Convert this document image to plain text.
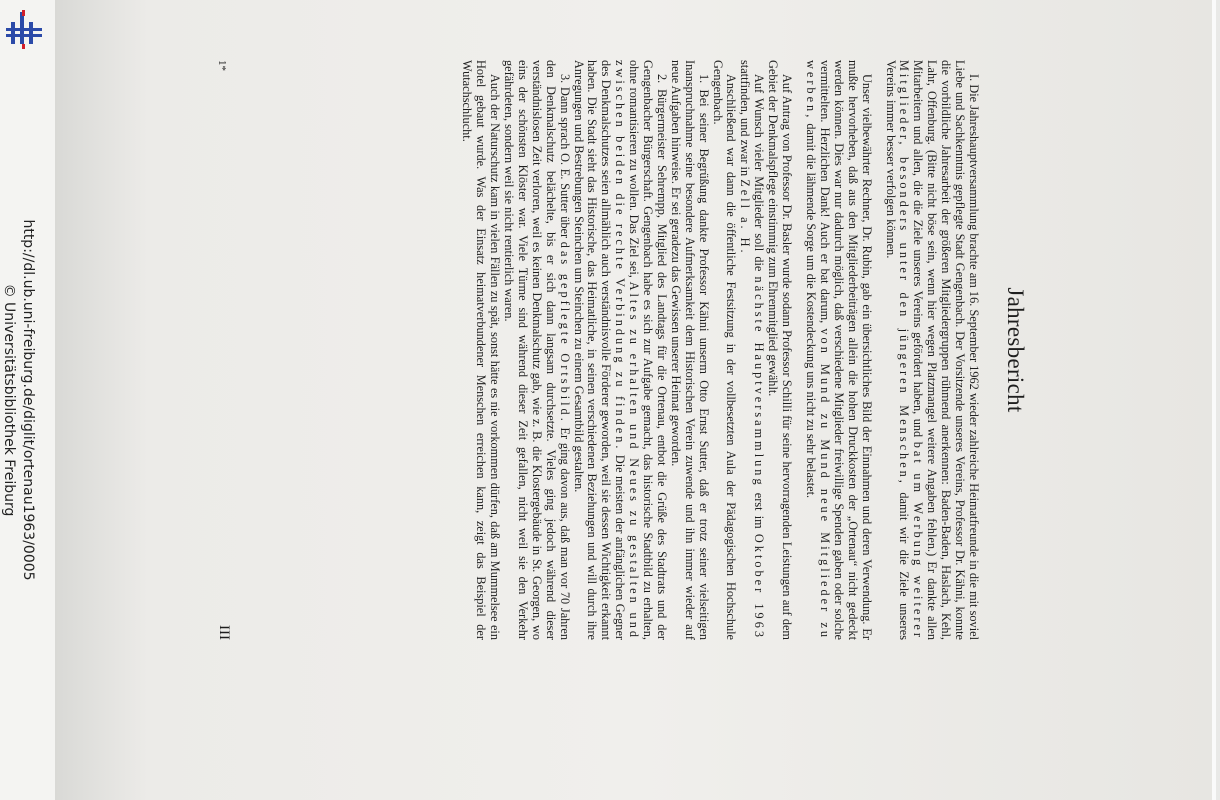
http://dl.ub.uni-freiburg.de/diglit/ortenau1963/0005
© Universitätsbibliothek Freiburg	Jahresbericht

I. Die Jahreshauptversammlung brachte am 16. September 1962 wieder zahlreiche Heimatfreunde in die mit soviel Liebe und Sachkenntnis gepflegte Stadt Gengenbach. Der Vorsitzende unseres Vereins, Professor Dr. Kähni, konnte die vorbildliche Jahresarbeit der größeren Mitgliedergruppen rühmend anerkennen: Baden-Baden, Haslach, Kehl, Lahr, Offenburg. (Bitte nicht böse sein, wenn hier wegen Platzmangel weitere Angaben fehlen.) Er dankte allen Mitarbeitern und allen, die die Ziele unseres Vereins gefördert haben, und bat um Werbung weiterer Mitglieder, besonders unter den jüngeren Menschen, damit wir die Ziele unseres Vereins immer besser verfolgen können.

Unser vielbewährter Rechner, Dr. Rubin, gab ein übersichtliches Bild der Einnahmen und deren Verwendung. Er mußte hervorheben, daß aus den Mitgliederbeiträgen allein die hohen Druckkosten der „Ortenau“ nicht gedeckt werden können. Dies war nur dadurch möglich, daß verschiedene Mitglieder freiwillige Spenden gaben oder solche vermittelten. Herzlichen Dank! Auch er bat darum, von Mund zu Mund neue Mitglieder zu werben, damit die lähmende Sorge um die Kostendeckung uns nicht zu sehr belastet.

Auf Antrag von Professor Dr. Basler wurde sodann Professor Schilli für seine hervorragenden Leistungen auf dem Gebiet der Denkmalspflege einstimmig zum Ehrenmitglied gewählt.

Auf Wunsch vieler Mitglieder soll die nächste Hauptversammlung erst im Oktober 1963 stattfinden, und zwar in Zell a. H.

Anschließend war dann die öffentliche Festsitzung in der vollbesetzten Aula der Pädagogischen Hochschule Gengenbach.

1. Bei seiner Begrüßung dankte Professor Kähni unserm Otto Ernst Sutter, daß er trotz seiner vielseitigen Inanspruchnahme seine besondere Aufmerksamkeit dem Historischen Verein zuwende und ihn immer wieder auf neue Aufgaben hinweise. Er sei geradezu das Gewissen unserer Heimat geworden.

2. Bürgermeister Sehrempp, Mitglied des Landtags für die Ortenau, entbot die Grüße des Stadtrats und der Gengenbacher Bürgerschaft. Gengenbach habe es sich zur Aufgabe gemacht, das historische Stadtbild zu erhalten, ohne romantisieren zu wollen. Das Ziel sei, Altes zu erhalten und Neues zu gestalten und zwischen beiden die rechte Verbindung zu finden. Die meisten der anfänglichen Gegner des Denkmalschutzes seien allmählich auch verständnisvolle Förderer geworden, weil sie dessen Wichtigkeit erkannt haben. Die Stadt sieht das Historische, das Heimatliche, in seinen verschiedenen Beziehungen und will durch ihre Anregungen und Bestrebungen Steinchen um Steinchen zu einem Gesamtbild gestalten.

3. Dann sprach O. E. Sutter über das gepflegte Ortsbild. Er ging davon aus, daß man vor 70 Jahren den Denkmalschutz belächelte, bis er sich dann langsam durchsetzte. Vieles ging jedoch während dieser verständnislosen Zeit verloren, weil es keinen Denkmalschutz gab, wie z. B. die Klostergebäude in St. Georgen, wo eins der schönsten Klöster war. Viele Türme sind während dieser Zeit gefallen, nicht weil sie den Verkehr gefährdeten, sondern weil sie nicht rentierlich waren.

Auch der Naturschutz kam in vielen Fällen zu spät, sonst hätte es nie vorkommen dürfen, daß am Mummelsee ein Hotel gebaut wurde. Was der Einsatz heimatverbundener Menschen erreichen kann, zeigt das Beispiel der Wutachschlucht.

1*
III
